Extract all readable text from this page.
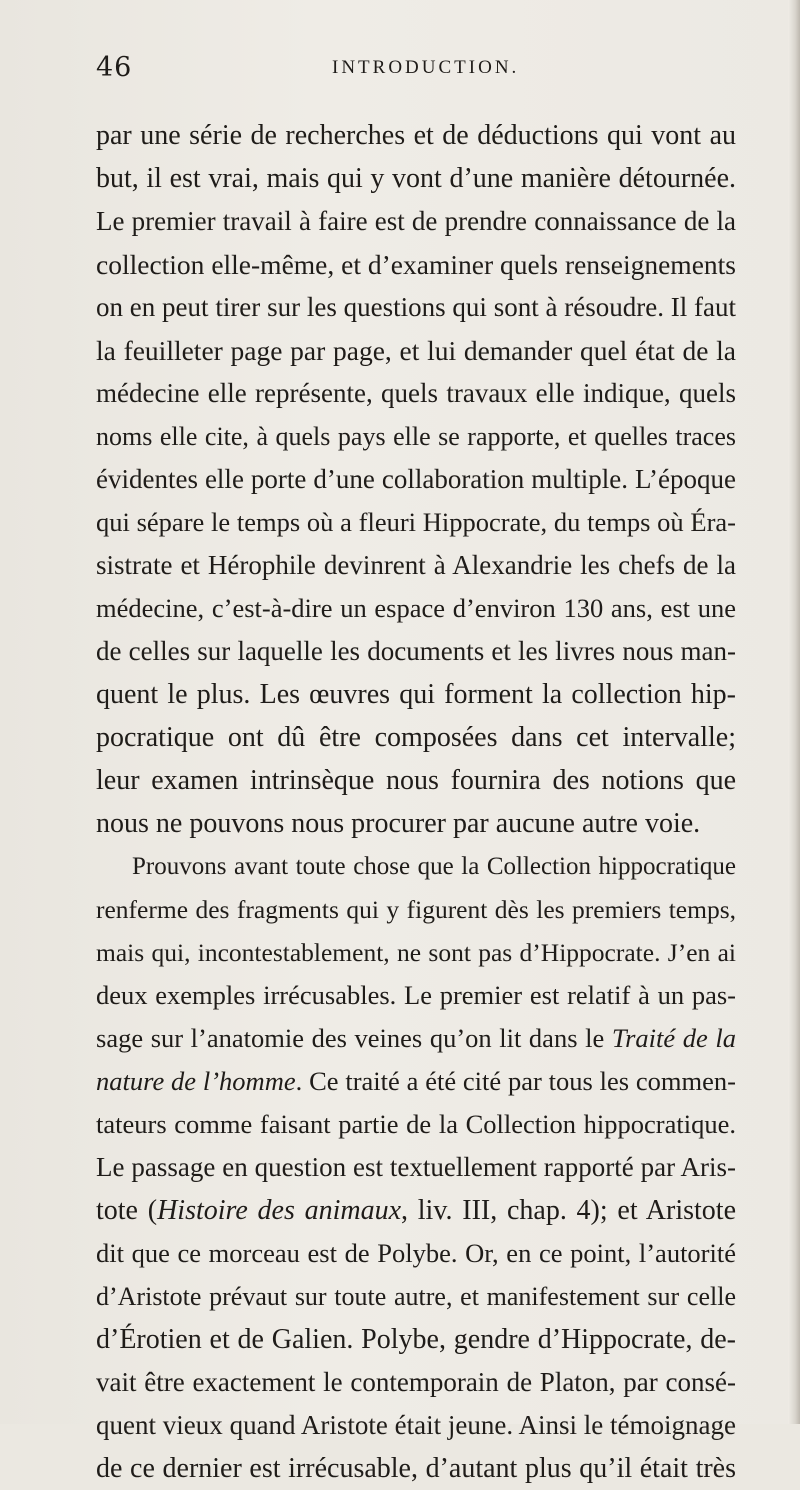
46	INTRODUCTION.
par une série de recherches et de déductions qui vont au
but, il est vrai, mais qui y vont d’une manière détournée.
Le premier travail à faire est de prendre connaissance de la
collection elle-même, et d’examiner quels renseignements
on en peut tirer sur les questions qui sont à résoudre. Il faut
la feuilleter page par page, et lui demander quel état de la
médecine elle représente, quels travaux elle indique, quels
noms elle cite, à quels pays elle se rapporte, et quelles traces
évidentes elle porte d’une collaboration multiple. L’époque
qui sépare le temps où a fleuri Hippocrate, du temps où Éra-
sistrate et Hérophile devinrent à Alexandrie les chefs de la
médecine, c’est-à-dire un espace d’environ 130 ans, est une
de celles sur laquelle les documents et les livres nous man-
quent le plus. Les œuvres qui forment la collection hip-
pocratique ont dû être composées dans cet intervalle;
leur examen intrinsèque nous fournira des notions que
nous ne pouvons nous procurer par aucune autre voie.
Prouvons avant toute chose que la Collection hippocratique
renferme des fragments qui y figurent dès les premiers temps,
mais qui, incontestablement, ne sont pas d’Hippocrate. J’en ai
deux exemples irrécusables. Le premier est relatif à un pas-
sage sur l’anatomie des veines qu’on lit dans le Traité de la
nature de l’homme. Ce traité a été cité par tous les commen-
tateurs comme faisant partie de la Collection hippocratique.
Le passage en question est textuellement rapporté par Aris-
tote (Histoire des animaux, liv. III, chap. 4); et Aristote
dit que ce morceau est de Polybe. Or, en ce point, l’autorité
d’Aristote prévaut sur toute autre, et manifestement sur celle
d’Érotien et de Galien. Polybe, gendre d’Hippocrate, de-
vait être exactement le contemporain de Platon, par consé-
quent vieux quand Aristote était jeune. Ainsi le témoignage
de ce dernier est irrécusable, d’autant plus qu’il était très
